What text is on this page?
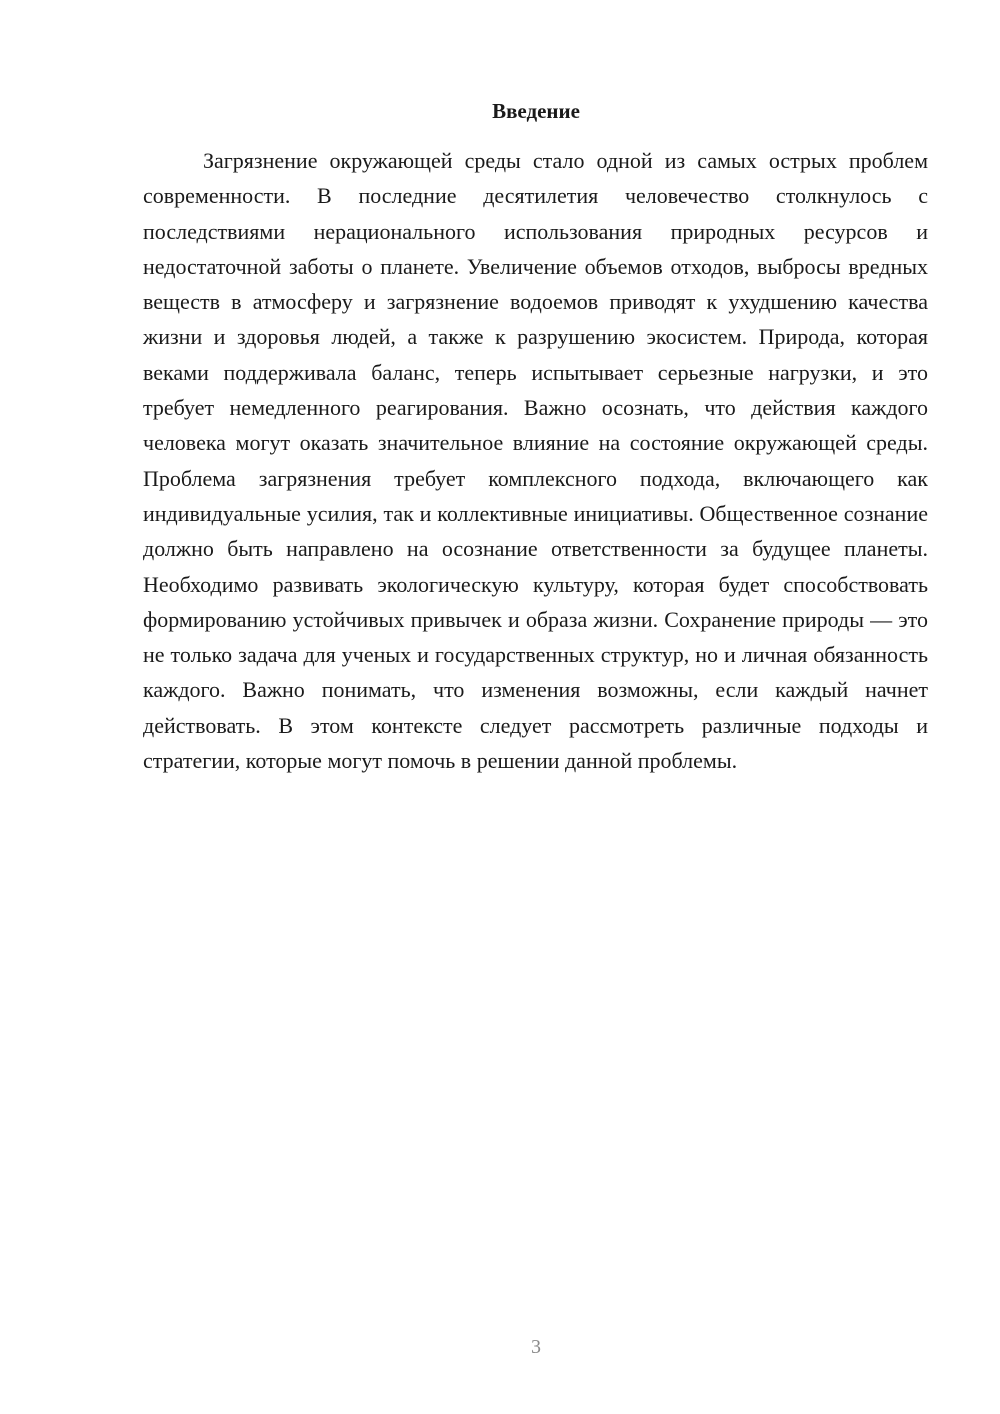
Введение

Загрязнение окружающей среды стало одной из самых острых проблем современности. В последние десятилетия человечество столкнулось с последствиями нерационального использования природных ресурсов и недостаточной заботы о планете. Увеличение объемов отходов, выбросы вредных веществ в атмосферу и загрязнение водоемов приводят к ухудшению качества жизни и здоровья людей, а также к разрушению экосистем. Природа, которая веками поддерживала баланс, теперь испытывает серьезные нагрузки, и это требует немедленного реагирования. Важно осознать, что действия каждого человека могут оказать значительное влияние на состояние окружающей среды. Проблема загрязнения требует комплексного подхода, включающего как индивидуальные усилия, так и коллективные инициативы. Общественное сознание должно быть направлено на осознание ответственности за будущее планеты. Необходимо развивать экологическую культуру, которая будет способствовать формированию устойчивых привычек и образа жизни. Сохранение природы — это не только задача для ученых и государственных структур, но и личная обязанность каждого. Важно понимать, что изменения возможны, если каждый начнет действовать. В этом контексте следует рассмотреть различные подходы и стратегии, которые могут помочь в решении данной проблемы.

3
